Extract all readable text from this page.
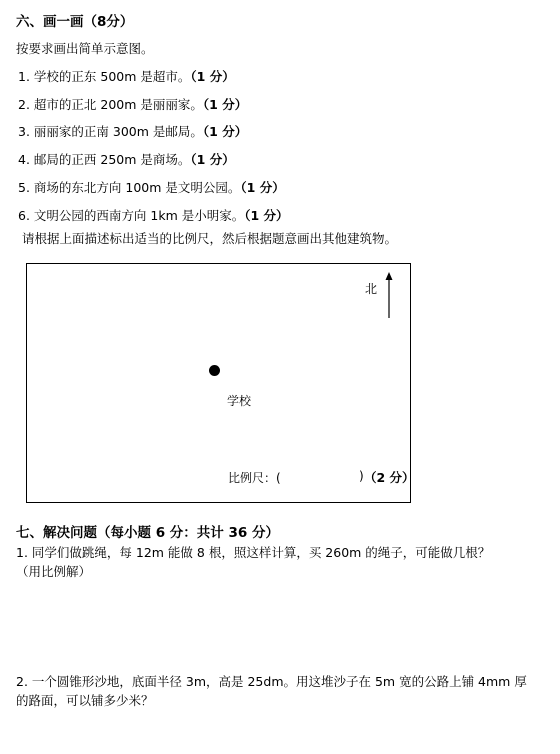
六、画一画（8分）
按要求画出简单示意图。
1. 学校的正东 500m 是超市。（1 分）
2. 超市的正北 200m 是丽丽家。（1 分）
3. 丽丽家的正南 300m 是邮局。（1 分）
4. 邮局的正西 250m 是商场。（1 分）
5. 商场的东北方向 100m 是文明公园。（1 分）
6. 文明公园的西南方向 1km 是小明家。（1 分）
请根据上面描述标出适当的比例尺，然后根据题意画出其他建筑物。
北
学校
比例尺：(	) （2 分）
七、解决问题（每小题 6 分：共计 36 分）
1. 同学们做跳绳，每 12m 能做 8 根，照这样计算，买 260m 的绳子，可能做几根？
（用比例解）
2. 一个圆锥形沙地，底面半径 3m，高是 25dm。用这堆沙子在 5m 宽的公路上铺 4mm 厚
的路面，可以铺多少米？
